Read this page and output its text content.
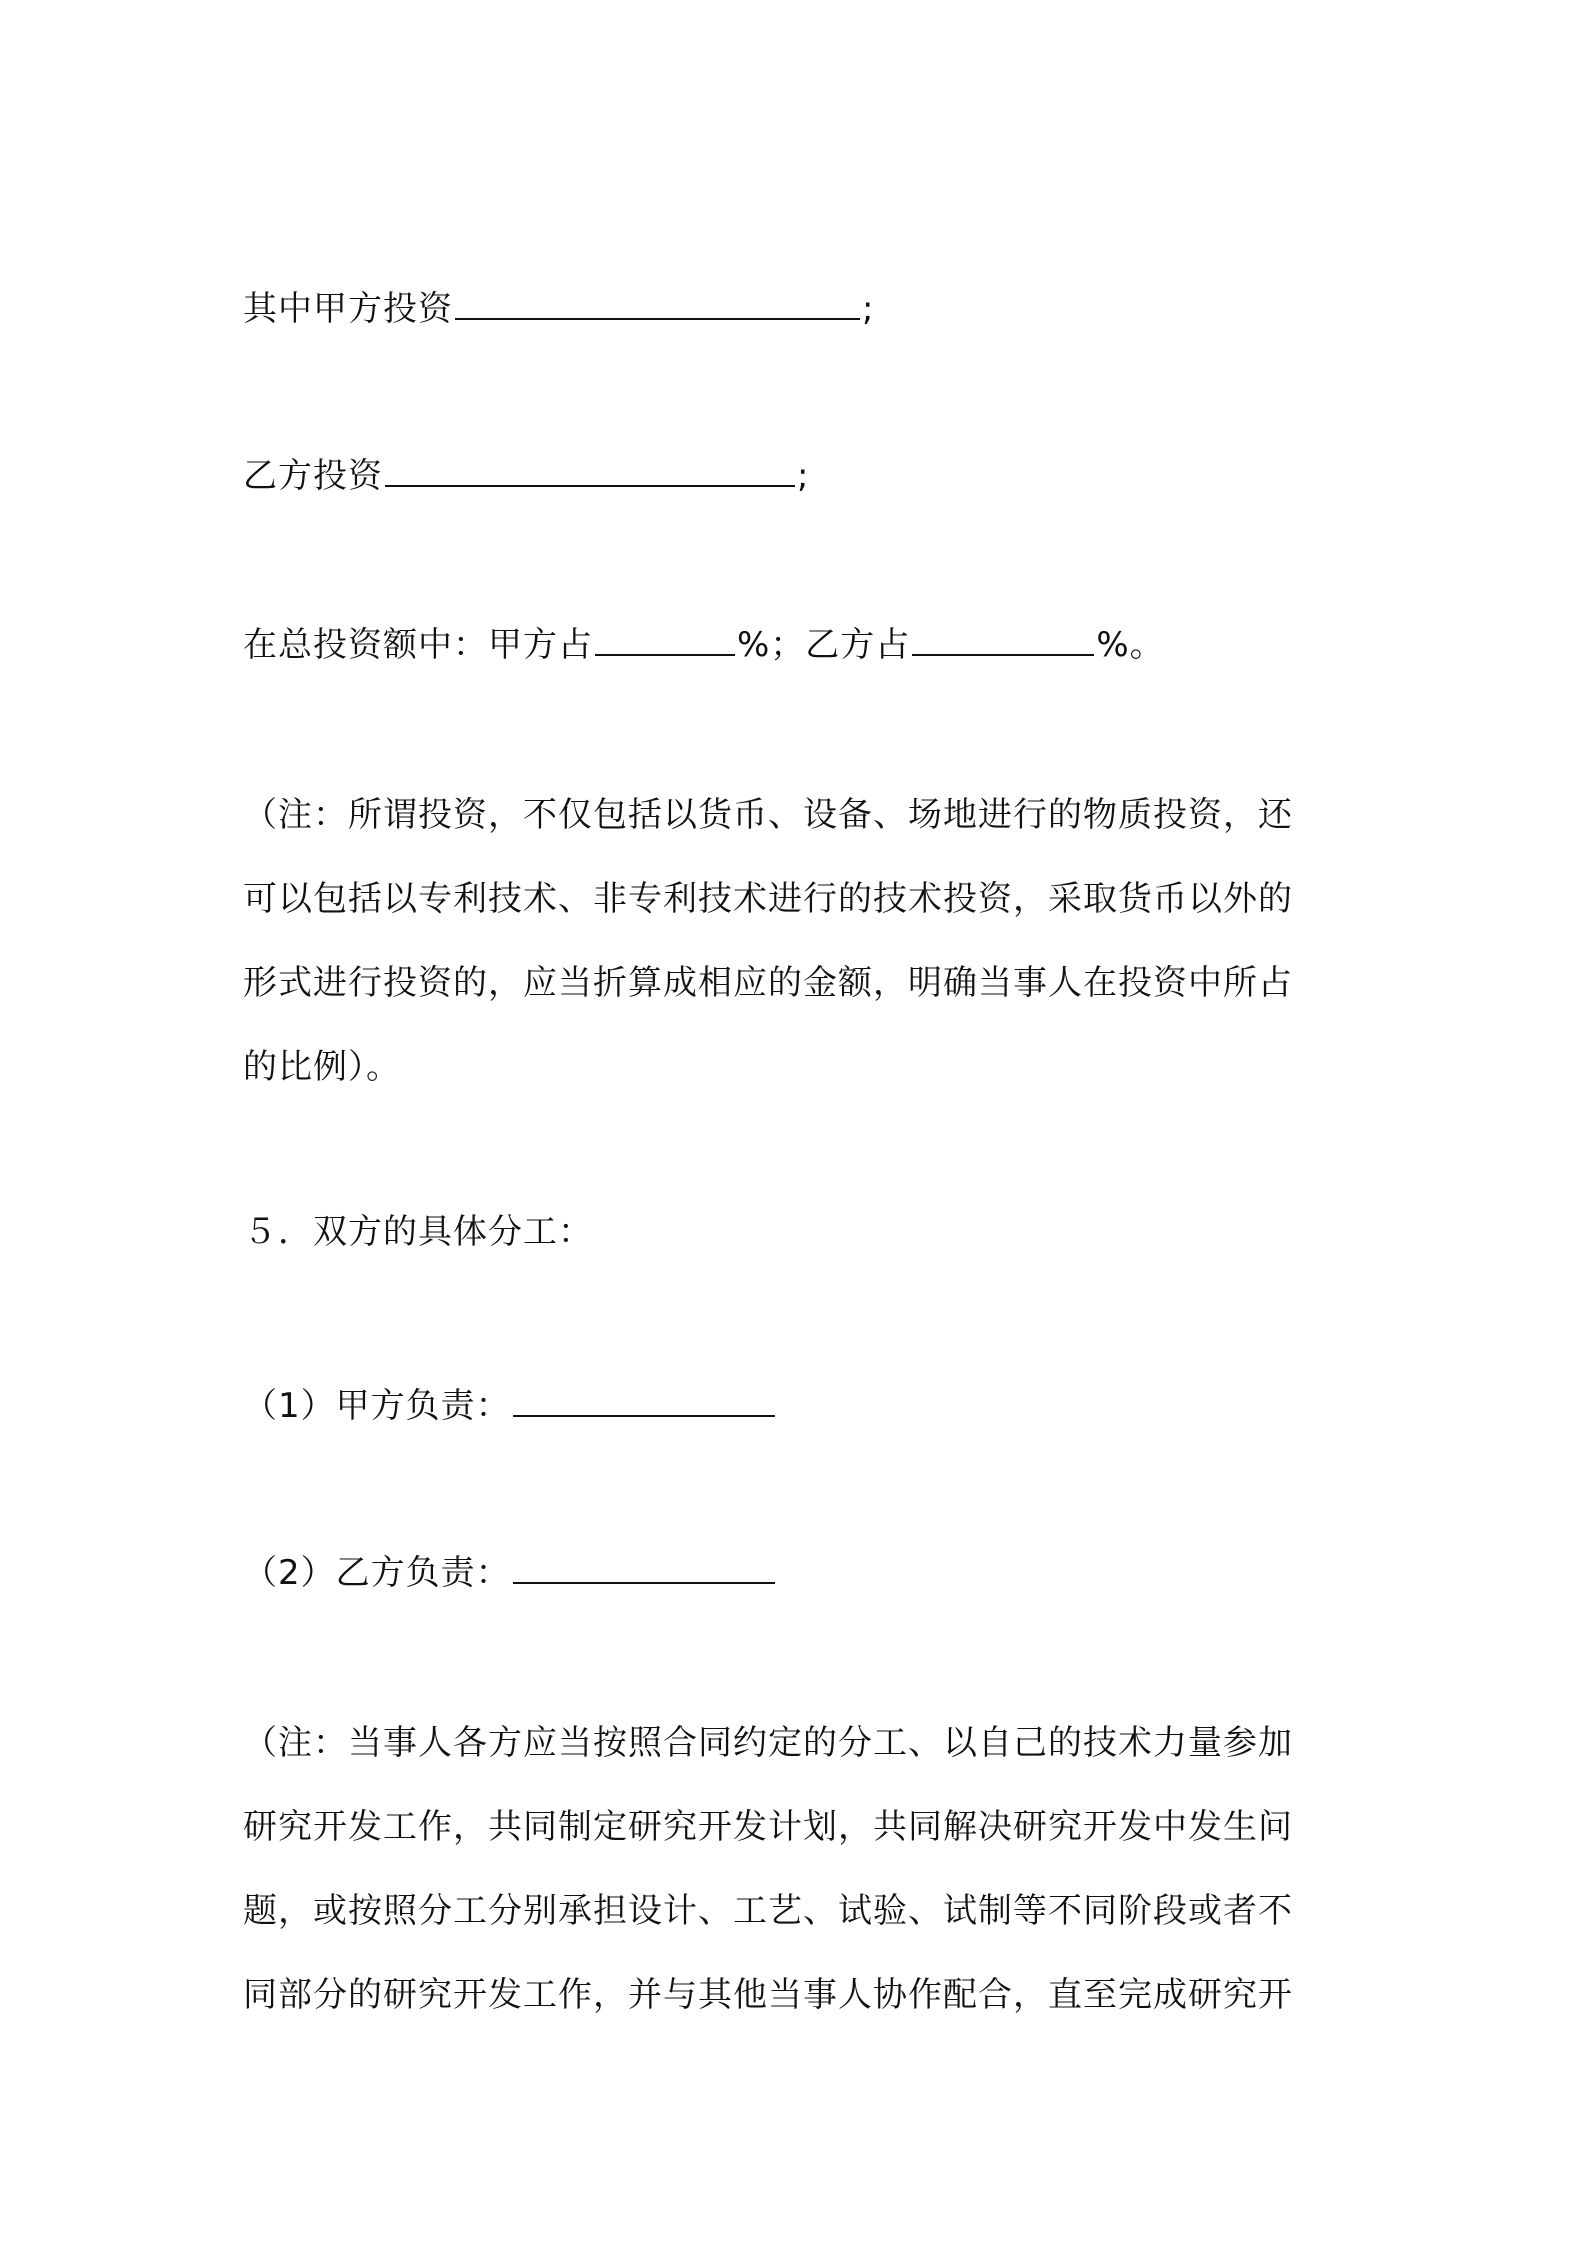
其中甲方投资	;
乙方投资	;
在总投资额中：甲方占	%；乙方占	%。
（注：所谓投资，不仅包括以货币、设备、场地进行的物质投资，还
可以包括以专利技术、非专利技术进行的技术投资，采取货币以外的
形式进行投资的，应当折算成相应的金额，明确当事人在投资中所占
的比例）。
５．双方的具体分工：
（1）甲方负责：
（2）乙方负责：
（注：当事人各方应当按照合同约定的分工、以自己的技术力量参加
研究开发工作，共同制定研究开发计划，共同解决研究开发中发生问
题，或按照分工分别承担设计、工艺、试验、试制等不同阶段或者不
同部分的研究开发工作，并与其他当事人协作配合，直至完成研究开
